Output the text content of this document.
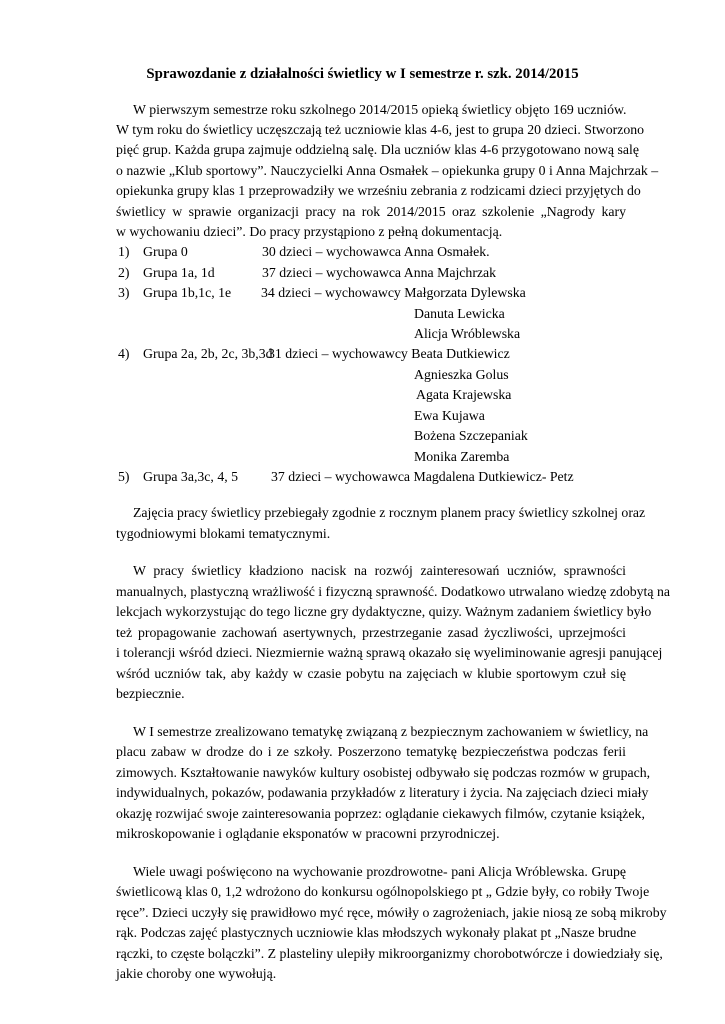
Sprawozdanie z działalności świetlicy w I semestrze r. szk. 2014/2015
W pierwszym semestrze roku szkolnego 2014/2015 opieką świetlicy objęto 169 uczniów.
W tym roku do świetlicy uczęszczają też uczniowie klas 4-6, jest to grupa 20 dzieci. Stworzono
pięć grup. Każda grupa zajmuje oddzielną salę. Dla uczniów klas 4-6 przygotowano nową salę
o nazwie „Klub sportowy”. Nauczycielki Anna Osmałek – opiekunka grupy 0 i Anna Majchrzak –
opiekunka grupy klas 1 przeprowadziły we wrześniu zebrania z rodzicami dzieci przyjętych do
świetlicy w sprawie organizacji pracy na rok 2014/2015 oraz szkolenie „Nagrody kary
w wychowaniu dzieci”. Do pracy przystąpiono z pełną dokumentacją.
1) Grupa 0	30 dzieci – wychowawca Anna Osmałek.
2) Grupa 1a, 1d	37 dzieci – wychowawca Anna Majchrzak
3) Grupa 1b,1c, 1e 34 dzieci – wychowawcy Małgorzata Dylewska
Danuta Lewicka
Alicja Wróblewska
4) Grupa 2a, 2b, 2c, 3b,3d
31 dzieci – wychowawcy Beata Dutkiewicz
Agnieszka Golus
Agata Krajewska
Ewa Kujawa
Bożena Szczepaniak
Monika Zaremba
5) Grupa 3a,3c, 4, 5 37 dzieci – wychowawca Magdalena Dutkiewicz- Petz
Zajęcia pracy świetlicy przebiegały zgodnie z rocznym planem pracy świetlicy szkolnej oraz
tygodniowymi blokami tematycznymi.
W pracy świetlicy kładziono nacisk na rozwój zainteresowań uczniów, sprawności
manualnych, plastyczną wrażliwość i fizyczną sprawność. Dodatkowo utrwalano wiedzę zdobytą na
lekcjach wykorzystując do tego liczne gry dydaktyczne, quizy. Ważnym zadaniem świetlicy było
też propagowanie zachowań asertywnych, przestrzeganie zasad życzliwości, uprzejmości
i tolerancji wśród dzieci. Niezmiernie ważną sprawą okazało się wyeliminowanie agresji panującej
wśród uczniów tak, aby każdy w czasie pobytu na zajęciach w klubie sportowym czuł się
bezpiecznie.
W I semestrze zrealizowano tematykę związaną z bezpiecznym zachowaniem w świetlicy, na
placu zabaw w drodze do i ze szkoły. Poszerzono tematykę bezpieczeństwa podczas ferii
zimowych. Kształtowanie nawyków kultury osobistej odbywało się podczas rozmów w grupach,
indywidualnych, pokazów, podawania przykładów z literatury i życia. Na zajęciach dzieci miały
okazję rozwijać swoje zainteresowania poprzez: oglądanie ciekawych filmów, czytanie książek,
mikroskopowanie i oglądanie eksponatów w pracowni przyrodniczej.
Wiele uwagi poświęcono na wychowanie prozdrowotne- pani Alicja Wróblewska. Grupę
świetlicową klas 0, 1,2 wdrożono do konkursu ogólnopolskiego pt „ Gdzie były, co robiły Twoje
ręce”. Dzieci uczyły się prawidłowo myć ręce, mówiły o zagrożeniach, jakie niosą ze sobą mikroby
rąk. Podczas zajęć plastycznych uczniowie klas młodszych wykonały plakat pt „Nasze brudne
rączki, to częste bolączki”. Z plasteliny ulepiły mikroorganizmy chorobotwórcze i dowiedziały się,
jakie choroby one wywołują.
